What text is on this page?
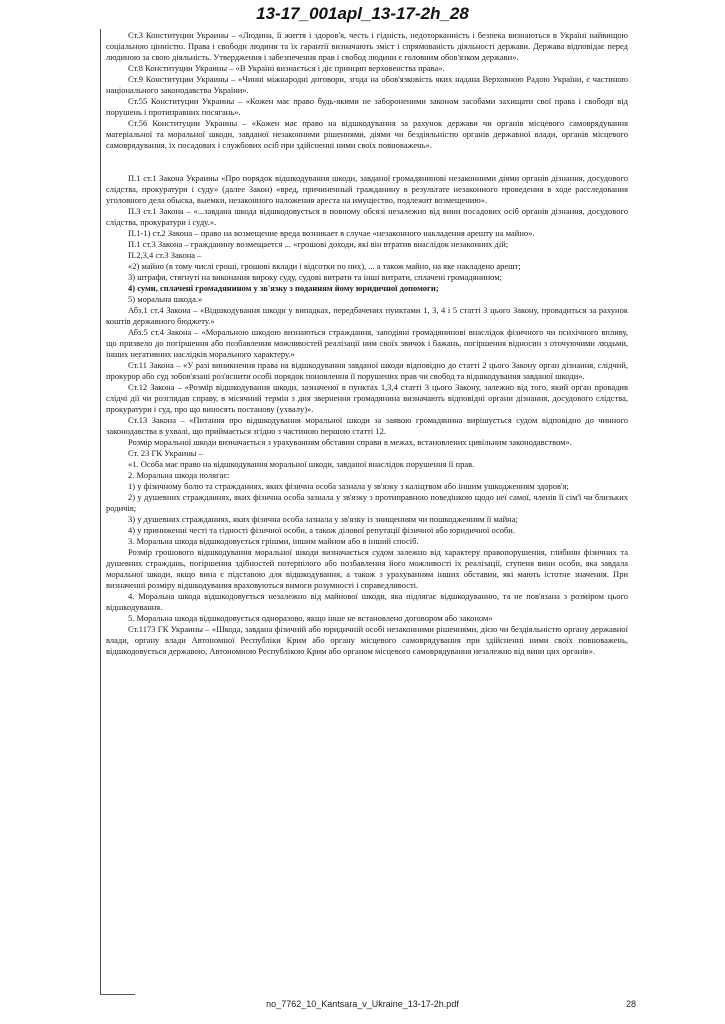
13-17_001apl_13-17-2h_28

Ст.3 Конституции Украины – «Людина, її життя і здоров'я, честь і гідність, недоторканність і безпека визнаються в Україні найвищою соціальною цінністю. Права і свободи людини та їх гарантії визначають зміст і спрямованість діяльності держави. Держава відповідає перед людиною за свою діяльність. Утвердження і забезпечення прав і свобод людини є головним обов'язком держави».

Ст.8 Конституции Украины – «В Україні визнається і діє принцип верховенства права».

Ст.9 Конституции Украины – «Чинні міжнародні договори, згода на обов'язковість яких надана Верховною Радою України, є частиною національного законодавства України».

Ст.55 Конституции Украины – «Кожен має право будь-якими не забороненими законом засобами захищати свої права і свободи від порушень і протиправних посягань».

Ст.56 Конституции Украины – «Кожен має право на відшкодування за рахунок держави чи органів місцевого самоврядування матеріальної та моральної шкоди, завданої незаконними рішеннями, діями чи бездіяльністю органів державної влади, органів місцевого самоврядування, їх посадових і службових осіб при здійсненні ними своїх повноважень».

П.1 ст.1 Закона Украины «Про порядок відшкодування шкоди, завданої громадянинові незаконними діями органів дізнання, досудового слідства, прокуратури і суду» (далее Закон) «вред, причиненный гражданину в результате незаконного проведения в ходе расследования уголовного дела обыска, выемки, незаконного наложения ареста на имущество, подлежит возмещению».

П.3 ст.1 Закона – «...завдана шкода відшкодовується в повному обсязі незалежно від вини посадових осіб органів дізнання, досудового слідства, прокуратури і суду.».

П.1-1) ст.2 Закона – право на возмещение вреда возникает в случае «незаконного накладення арешту на майно».

П.1 ст.3 Закона – гражданину возмещается ... «грошові доходи, які він втратив внаслідок незаконних дій;

П.2,3,4 ст.3 Закона –

«2) майно (в тому числі гроші, грошові вклади і відсотки по них), ... а також майно, на яке накладено арешт;

3) штрафи, стягнуті на виконання вироку суду, судові витрати та інші витрати, сплачені громадянином;

4) суми, сплачені громадянином у зв'язку з поданням йому юридичної допомоги;

5) моральна шкода.»

Абз.1 ст.4 Закона – «Відшкодування шкоди у випадках, передбачених пунктами 1, 3, 4 і 5 статті 3 цього Закону, провадиться за рахунок коштів державного бюджету.»

Абз.5 ст.4 Закона – «Моральною шкодою визнаються страждання, заподіяні громадянинові внаслідок фізичного чи психічного впливу, що призвело до погіршення або позбавлення можливостей реалізації ним своїх звичок і бажань, погіршення відносин з оточуючими людьми, інших негативних наслідків морального характеру.»

Ст.11 Закона – «У разі виникнення права на відшкодування завданої шкоди відповідно до статті 2 цього Закону орган дізнання, слідчий, прокурор або суд зобов'язані роз'яснити особі порядок поновлення її порушених прав чи свобод та відшкодування завданої шкоди».

Ст.12 Закона – «Розмір відшкодування шкоди, зазначеної в пунктах 1,3,4 статті 3 цього Закону, залежно від того, який орган провадив слідчі дії чи розглядав справу, в місячний термін з дня звернення громадянина визначають відповідні органи дізнання, досудового слідства, прокуратури і суд, про що виносять постанову (ухвалу)».

Ст.13 Закона – «Питання про відшкодування моральної шкоди за заявою громадянина вирішується судом відповідно до чинного законодавства в ухвалі, що приймається згідно з частиною першою статті 12.

Розмір моральної шкоди визначається з урахуванням обставин справи в межах, встановлених цивільним законодавством».

Ст. 23 ГК Украины –

«1. Особа має право на відшкодування моральної шкоди, завданої внаслідок порушення її прав.

2. Моральна шкода полягає:

1) у фізичному болю та стражданнях, яких фізична особа зазнала у зв'язку з каліцтвом або іншим ушкодженням здоров'я;

2) у душевних стражданнях, яких фізична особа зазнала у зв'язку з протиправною поведінкою щодо неї самої, членів її сім'ї чи близьких родичів;

3) у душевних стражданнях, яких фізична особа зазнала у зв'язку із знищенням чи пошкодженням її майна;

4) у приниженні честі та гідності фізичної особи, а також ділової репутації фізичної або юридичної особи.

3. Моральна шкода відшкодовується грішми, іншим майном або в інший спосіб.

Розмір грошового відшкодування моральної шкоди визначається судом залежно від характеру правопорушення, глибини фізичних та душевних страждань, погіршення здібностей потерпілого або позбавлення його можливості їх реалізації, ступеня вини особи, яка завдала моральної шкоди, якщо вина є підставою для відшкодування, а також з урахуванням інших обставин, які мають істотне значення. При визначенні розміру відшкодування враховуються вимоги розумності і справедливості.

4. Моральна шкода відшкодовується незалежно від майнової шкоди, яка підлягає відшкодуванню, та не пов'язана з розміром цього відшкодування.

5. Моральна шкода відшкодовується одноразово, якщо інше не встановлено договором або законом»

Ст.1173 ГК Украины – «Шкода, завдана фізичній або юридичній особі незаконними рішеннями, дією чи бездіяльністю органу державної влади, органу влади Автономної Республіки Крим або органу місцевого самоврядування при здійсненні ними своїх повноважень, відшкодовується державою, Автономною Республікою Крим або органом місцевого самоврядування незалежно від вини цих органів».

no_7762_10_Kantsara_v_Ukraine_13-17-2h.pdf	28
